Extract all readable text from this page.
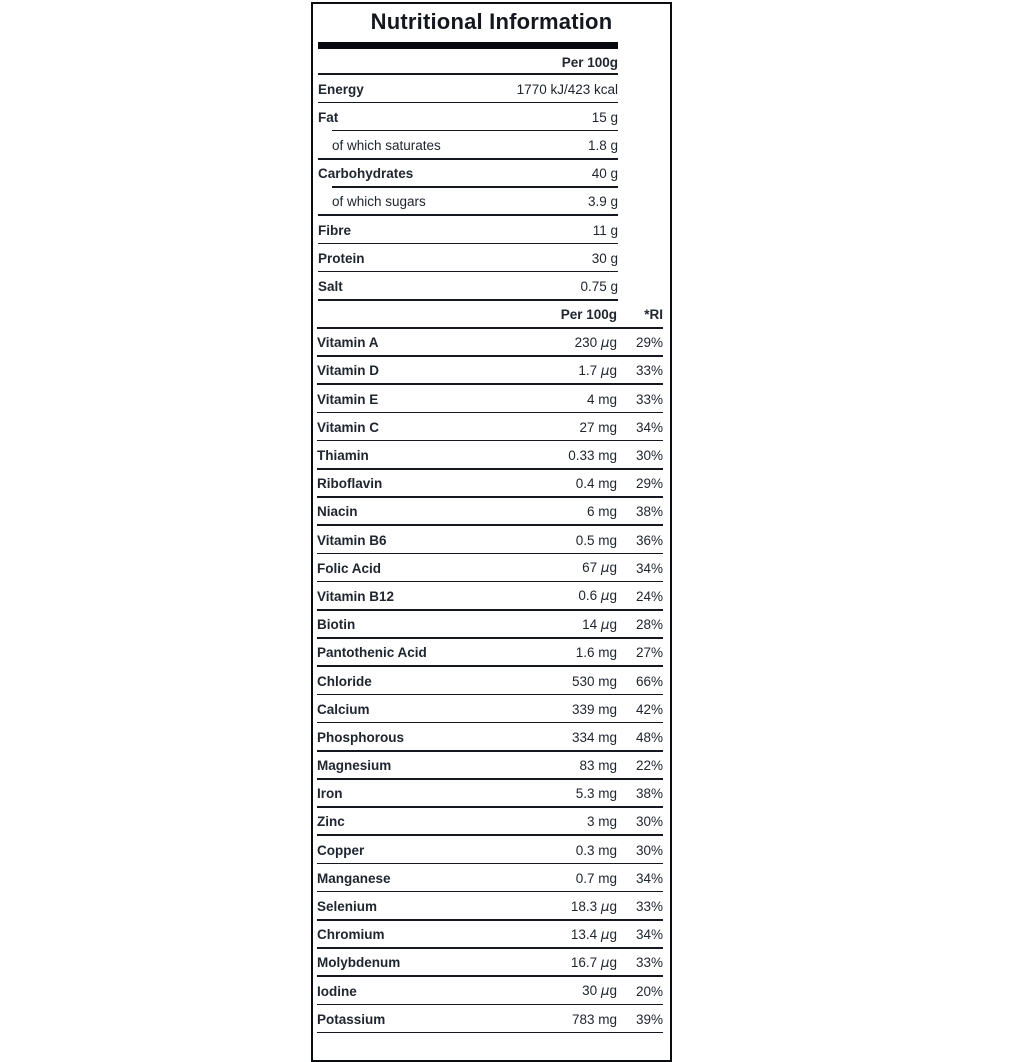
Nutritional Information
Per 100g
Energy	1770 kJ/423 kcal
Fat	15 g
of which saturates	1.8 g
Carbohydrates	40 g
of which sugars	3.9 g
Fibre	11 g
Protein	30 g
Salt	0.75 g
Per 100g	*RI
Vitamin A	230 µg	29%
Vitamin D	1.7 µg	33%
Vitamin E	4 mg	33%
Vitamin C	27 mg	34%
Thiamin	0.33 mg	30%
Riboflavin	0.4 mg	29%
Niacin	6 mg	38%
Vitamin B6	0.5 mg	36%
Folic Acid	67 µg	34%
Vitamin B12	0.6 µg	24%
Biotin	14 µg	28%
Pantothenic Acid	1.6 mg	27%
Chloride	530 mg	66%
Calcium	339 mg	42%
Phosphorous	334 mg	48%
Magnesium	83 mg	22%
Iron	5.3 mg	38%
Zinc	3 mg	30%
Copper	0.3 mg	30%
Manganese	0.7 mg	34%
Selenium	18.3 µg	33%
Chromium	13.4 µg	34%
Molybdenum	16.7 µg	33%
Iodine	30 µg	20%
Potassium	783 mg	39%
